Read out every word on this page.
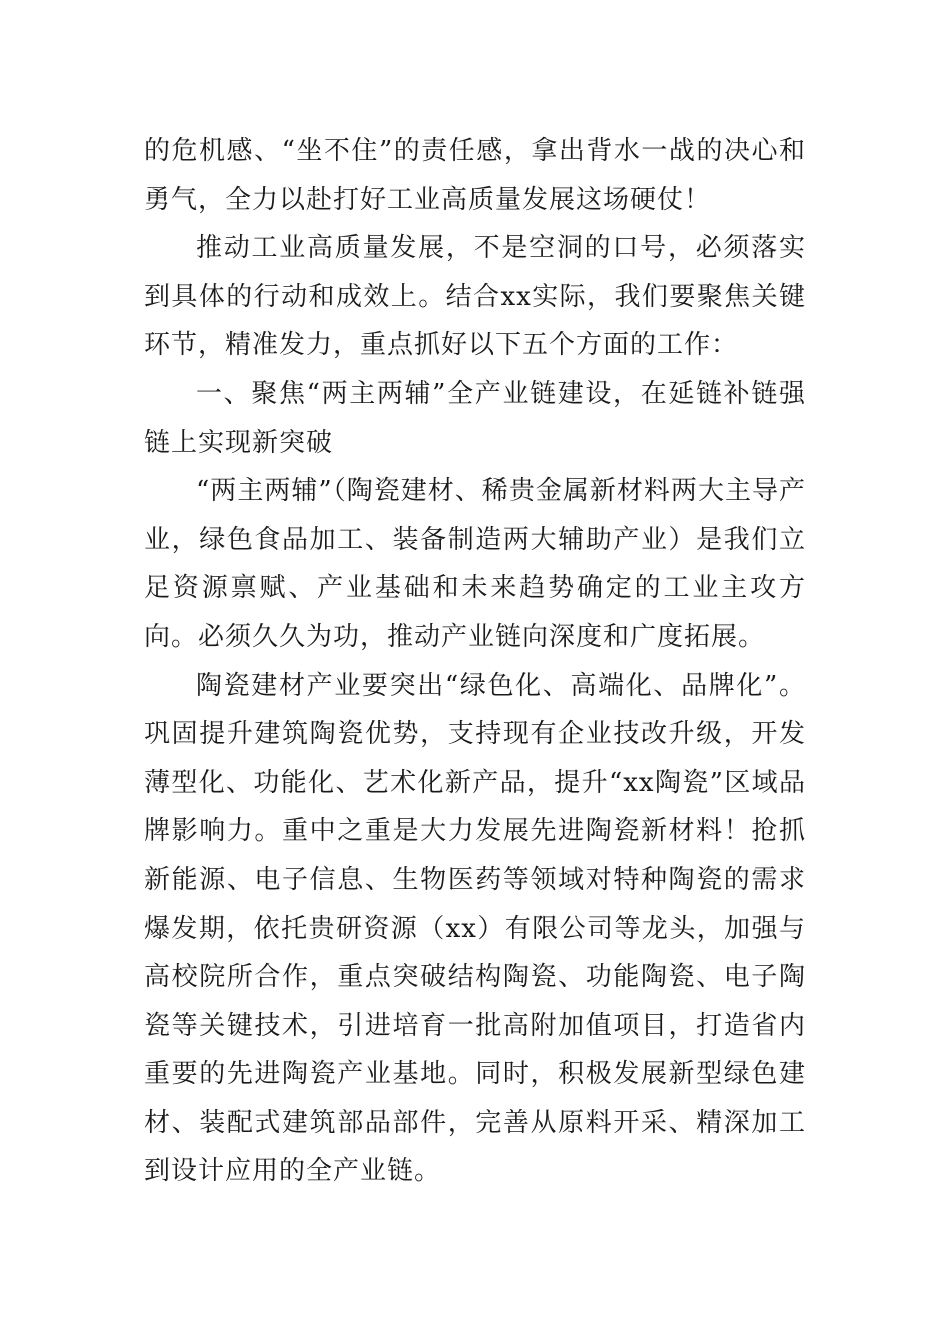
的危机感、“坐不住”的责任感，拿出背水一战的决心和勇气，全力以赴打好工业高质量发展这场硬仗！

推动工业高质量发展，不是空洞的口号，必须落实到具体的行动和成效上。结合xx实际，我们要聚焦关键环节，精准发力，重点抓好以下五个方面的工作：

一、聚焦“两主两辅”全产业链建设，在延链补链强链上实现新突破

“两主两辅”（陶瓷建材、稀贵金属新材料两大主导产业，绿色食品加工、装备制造两大辅助产业）是我们立足资源禀赋、产业基础和未来趋势确定的工业主攻方向。必须久久为功，推动产业链向深度和广度拓展。

陶瓷建材产业要突出“绿色化、高端化、品牌化”。巩固提升建筑陶瓷优势，支持现有企业技改升级，开发薄型化、功能化、艺术化新产品，提升“xx陶瓷”区域品牌影响力。重中之重是大力发展先进陶瓷新材料！抢抓新能源、电子信息、生物医药等领域对特种陶瓷的需求爆发期，依托贵研资源（xx）有限公司等龙头，加强与高校院所合作，重点突破结构陶瓷、功能陶瓷、电子陶瓷等关键技术，引进培育一批高附加值项目，打造省内重要的先进陶瓷产业基地。同时，积极发展新型绿色建材、装配式建筑部品部件，完善从原料开采、精深加工到设计应用的全产业链。
